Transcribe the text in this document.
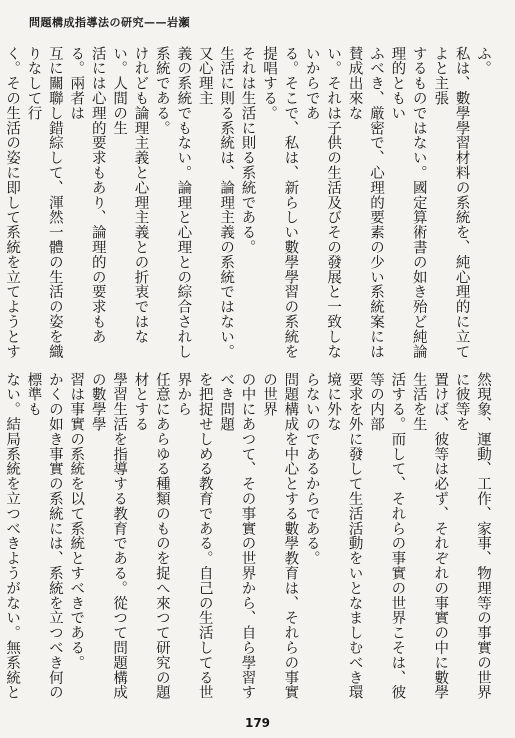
問題構成指導法の研究——岩瀬
ふ。
私は、數學學習材料の系統を、純心理的に立てよと主張
するものではない。國定算術書の如き殆ど純論理的ともい
ふべき、厳密で、心理的要素の少い系統案には賛成出來な
い。それは子供の生活及びその發展と一致しないからであ
る。そこで、私は、新らしい數學學習の系統を提唱する。
それは生活に則る系統である。
生活に則る系統は、論理主義の系統ではない。又心理主
義の系統でもない。論理と心理との綜合されし系統である。
けれども論理主義と心理主義との折衷ではない。人間の生
活には心理的要求もあり、論理的の要求もある。兩者は
互に關聯し錯綜して、渾然一體の生活の姿を織りなして行
く。その生活の姿に即して系統を立てようとす
然現象、運動、工作、家事、物理等の事實の世界に彼等を
置けば、彼等は必ず、それぞれの事實の中に數學生活を生
活する。而して、それらの事實の世界こそは、彼等の内部
要求を外に發して生活活動をいとなましむべき環境に外な
らないのであるからである。
問題構成を中心とする數學教育は、それらの事實の世界
の中にあつて、その事實の世界から、自ら學習すべき問題
を把捉せしめる教育である。自己の生活してる世界から
任意にあらゆる種類のものを捉へ來つて研究の題材とする
學習生活を指導する教育である。從つて問題構成の數學學
習は事實の系統を以て系統とすべきである。
かくの如き事實の系統には、系統を立つべき何の標準も
ない。結局系統を立つべきようがない。無系統と
179
